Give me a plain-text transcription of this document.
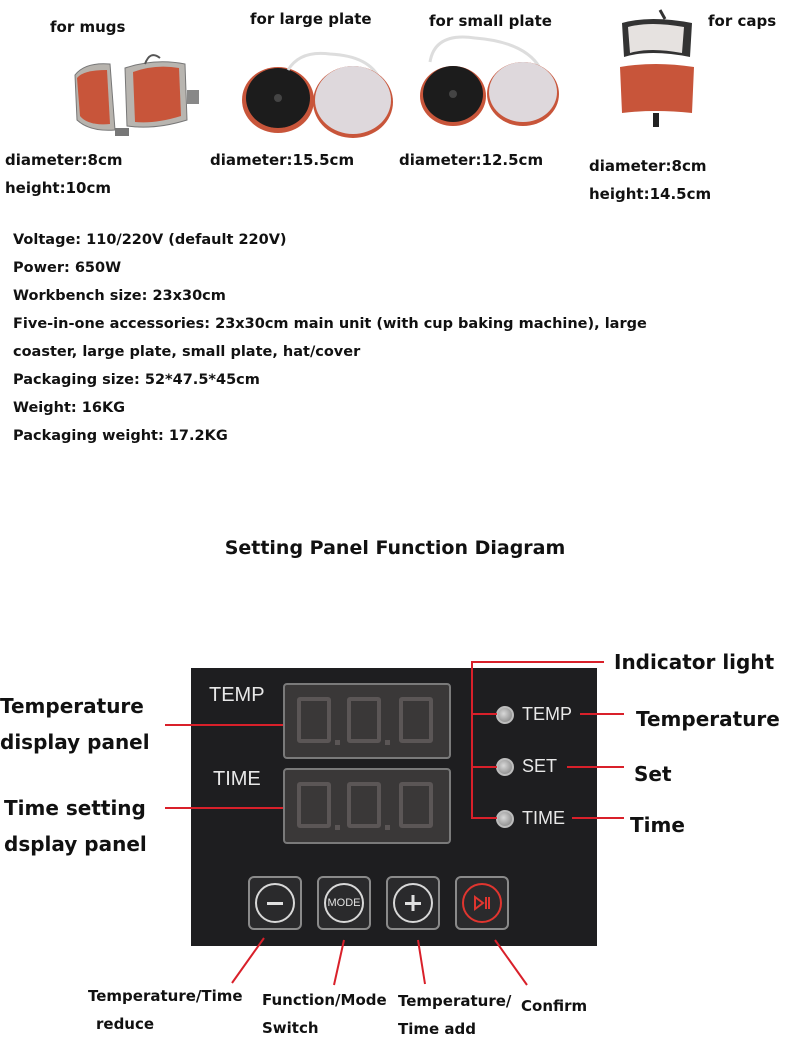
for mugs	for large plate	for small plate	for caps
diameter:8cm
height:10cm
diameter:15.5cm	diameter:12.5cm	diameter:8cm
height:14.5cm
Voltage: 110/220V (default 220V)
Power: 650W
Workbench size: 23x30cm
Five-in-one accessories: 23x30cm main unit (with cup baking machine), large
coaster, large plate, small plate, hat/cover
Packaging size: 52*47.5*45cm
Weight: 16KG
Packaging weight: 17.2KG
Setting Panel Function Diagram
TEMP
TIME
TEMP
SET
TIME
MODE
Temperature
display panel
Time setting
dsplay panel
Indicator light
Temperature
Set
Time
Temperature/Time
reduce
Function/Mode
Switch
Temperature/
Time add
Confirm
